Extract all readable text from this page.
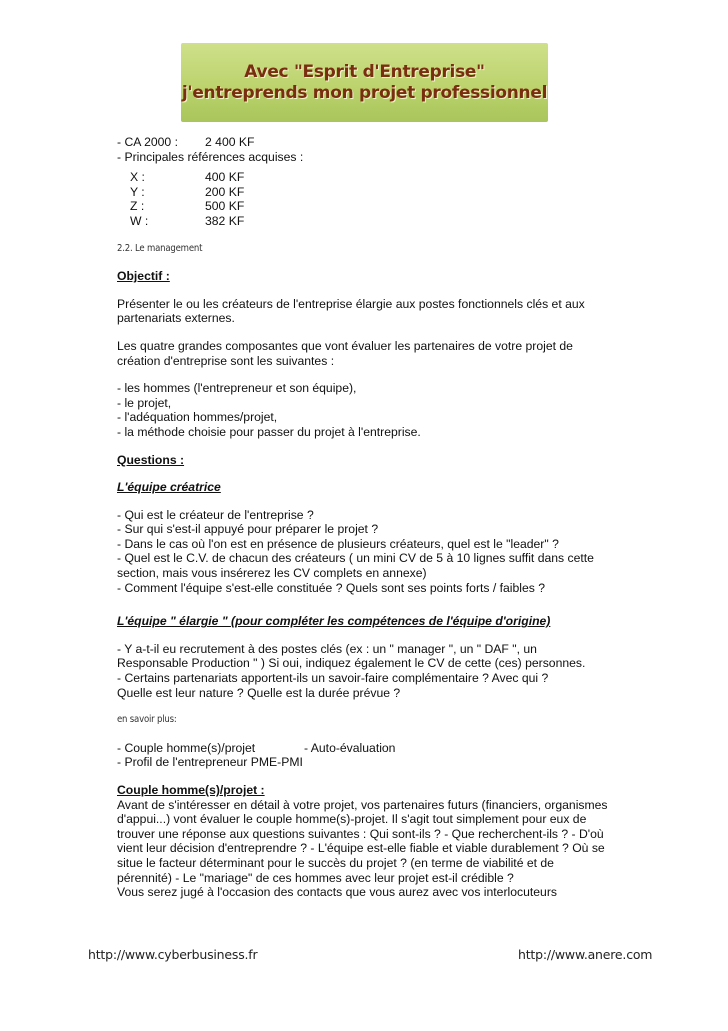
Avec "Esprit d'Entreprise"
j'entreprends mon projet professionnel
- CA 2000 :	2 400 KF
- Principales références acquises :
X :	400 KF
Y :	200 KF
Z :	500 KF
W :	382 KF
2.2. Le management
Objectif :
Présenter le ou les créateurs de l'entreprise élargie aux postes fonctionnels clés et aux
partenariats externes.
Les quatre grandes composantes que vont évaluer les partenaires de votre projet de
création d'entreprise sont les suivantes :
- les hommes (l'entrepreneur et son équipe),
- le projet,
- l'adéquation hommes/projet,
- la méthode choisie pour passer du projet à l'entreprise.
Questions :
L'équipe créatrice
- Qui est le créateur de l'entreprise ?
- Sur qui s'est-il appuyé pour préparer le projet ?
- Dans le cas où l'on est en présence de plusieurs créateurs, quel est le "leader" ?
- Quel est le C.V. de chacun des créateurs ( un mini CV de 5 à 10 lignes suffit dans cette
section, mais vous insérerez les CV complets en annexe)
- Comment l'équipe s'est-elle constituée ? Quels sont ses points forts / faibles ?
L'équipe " élargie " (pour compléter les compétences de l'équipe d'origine)
- Y a-t-il eu recrutement à des postes clés (ex : un " manager ", un " DAF ", un
Responsable Production " ) Si oui, indiquez également le CV de cette (ces) personnes.
- Certains partenariats apportent-ils un savoir-faire complémentaire ? Avec qui ?
Quelle est leur nature ? Quelle est la durée prévue ?
en savoir plus:
- Couple homme(s)/projet	- Auto-évaluation
- Profil de l'entrepreneur PME-PMI
Couple homme(s)/projet :
Avant de s'intéresser en détail à votre projet, vos partenaires futurs (financiers, organismes
d'appui...) vont évaluer le couple homme(s)-projet. Il s'agit tout simplement pour eux de
trouver une réponse aux questions suivantes : Qui sont-ils ? - Que recherchent-ils ? - D'où
vient leur décision d'entreprendre ? - L'équipe est-elle fiable et viable durablement ? Où se
situe le facteur déterminant pour le succès du projet ? (en terme de viabilité et de
pérennité) - Le "mariage" de ces hommes avec leur projet est-il crédible ?
Vous serez jugé à l'occasion des contacts que vous aurez avec vos interlocuteurs
http://www.cyberbusiness.fr	http://www.anere.com
